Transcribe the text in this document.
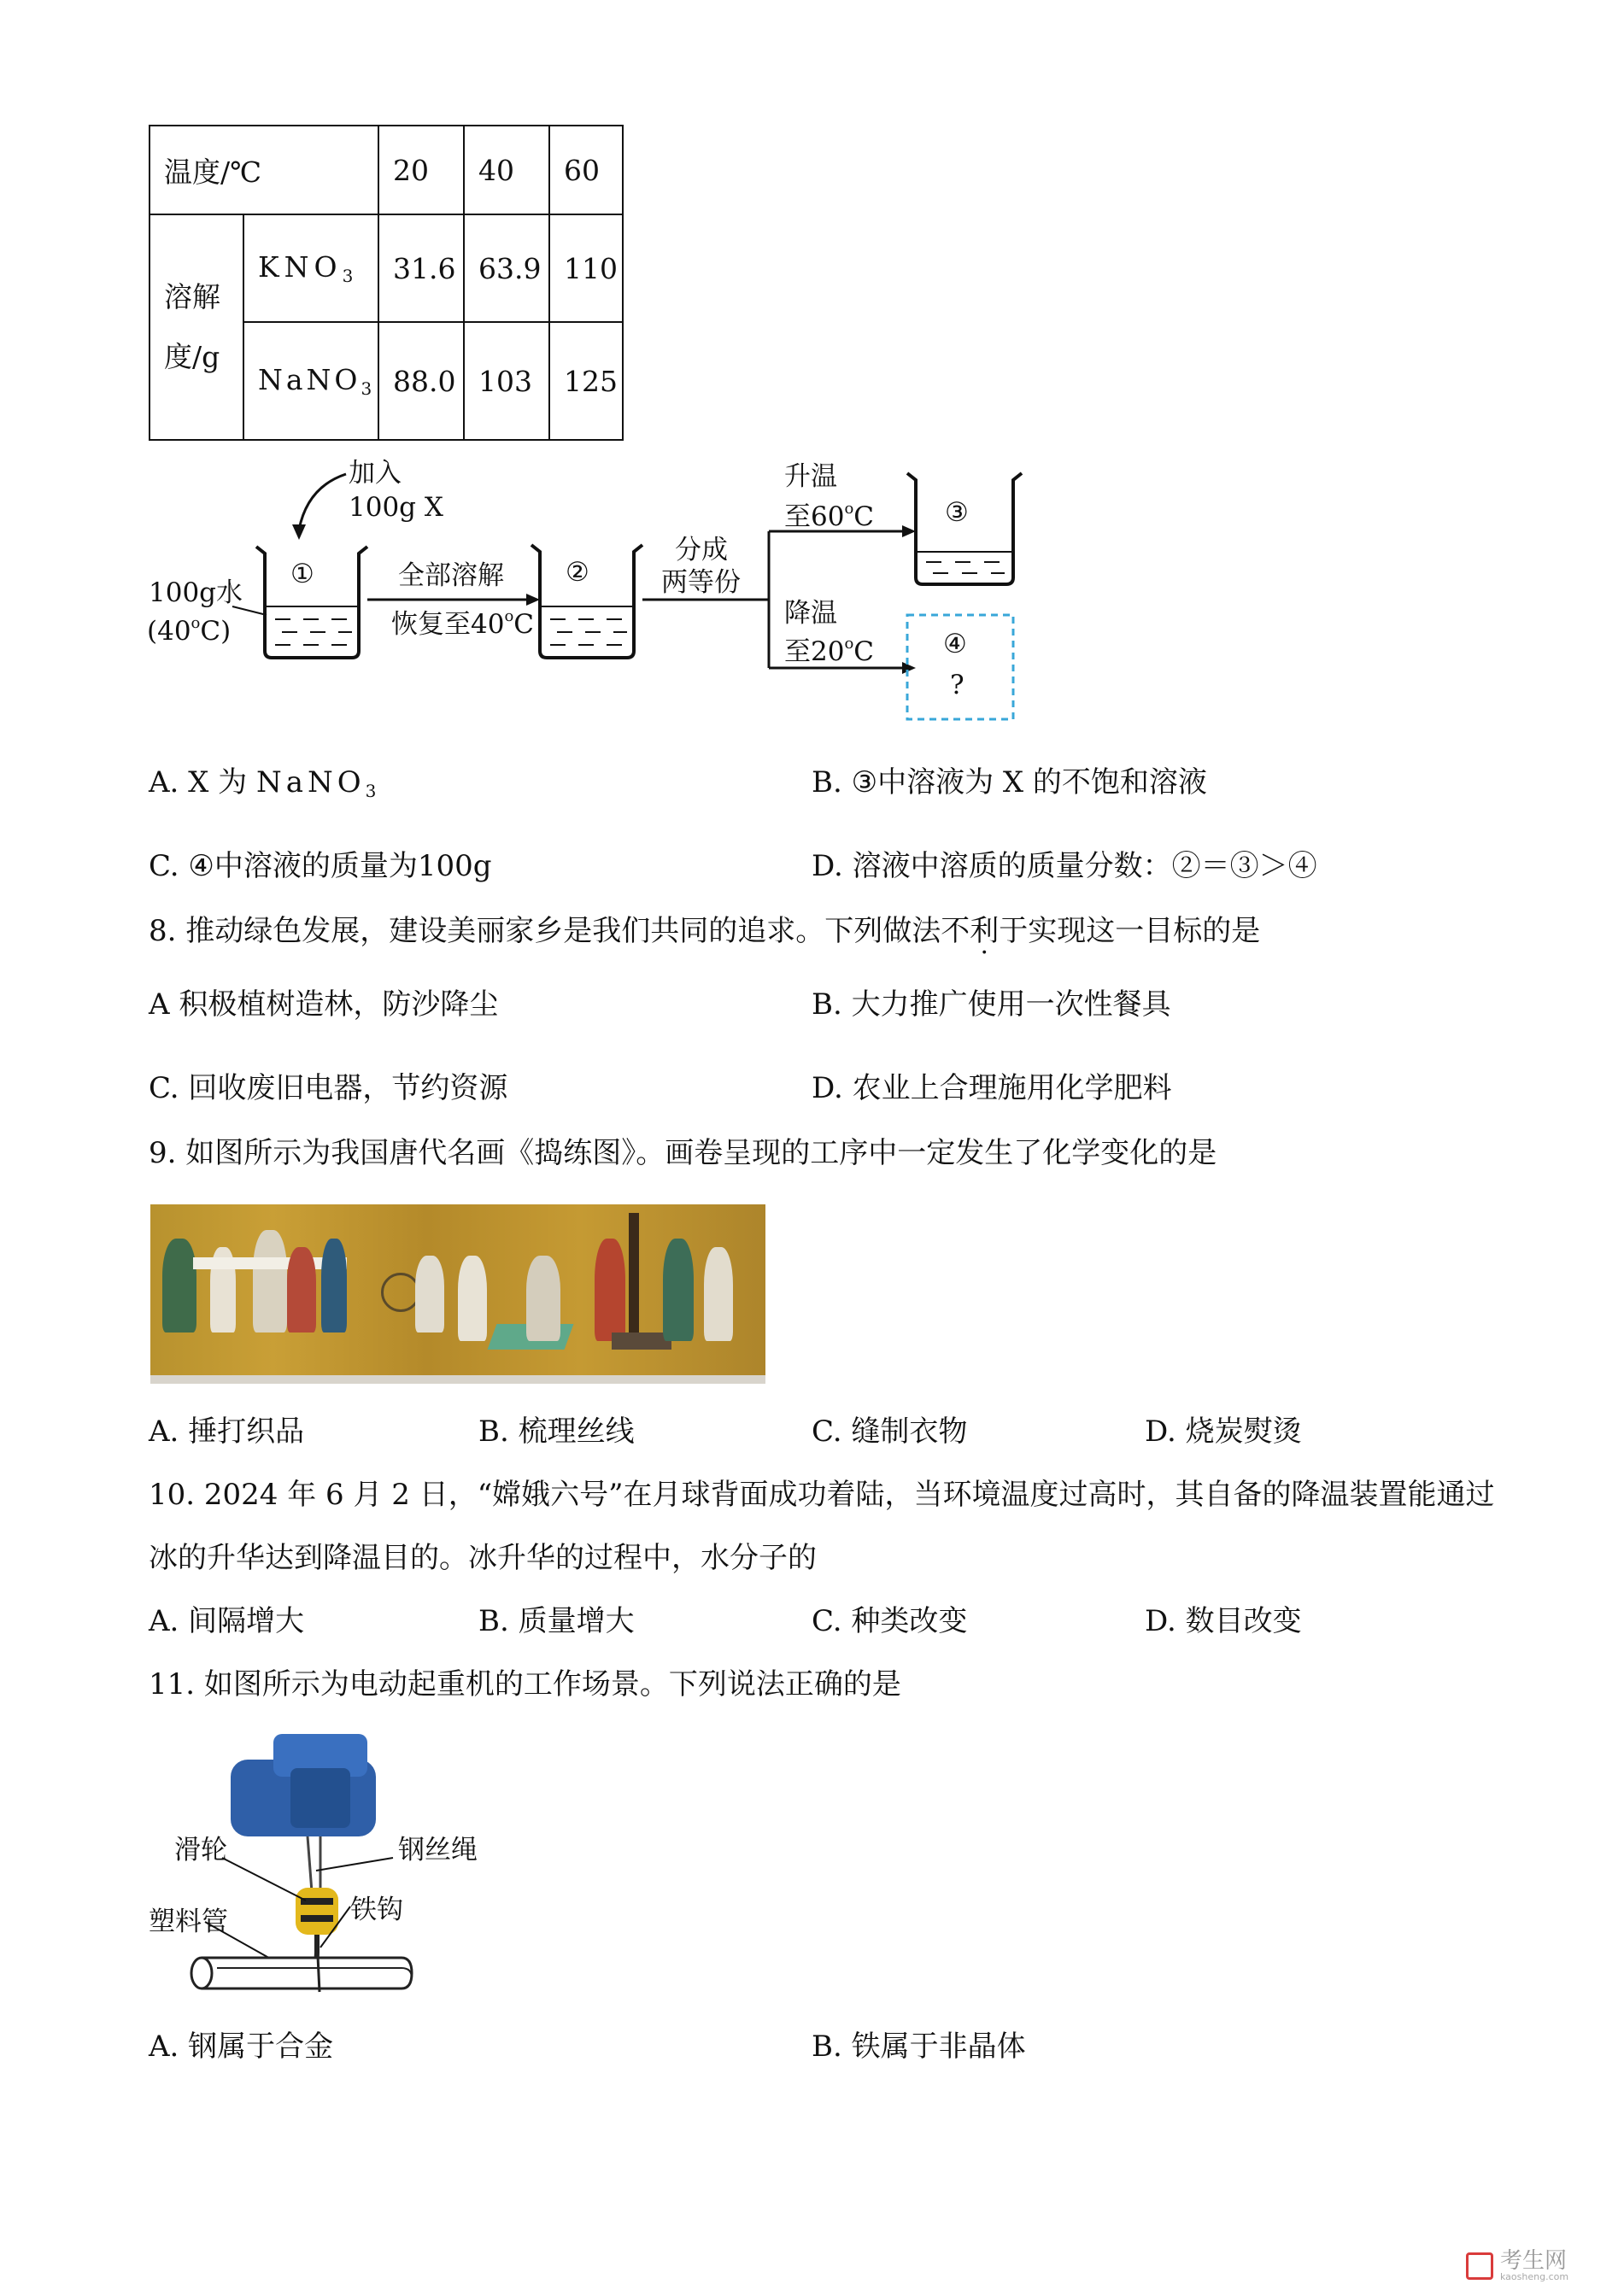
温度/℃		20	40	60

溶解
度/g	$KNO_3$	31.6	63.9	110
	NaNO$_3$	88.0	103	125
加入
100g X
100g水
(40$^o$C)
①	全部溶解
恢复至40$^o$C
②
分成
两等份
升温
至60$^o$C	③
降温
至20$^o$C	④
?
A. X 为 NaNO$_3$	B. ③中溶液为 X 的不饱和溶液
C. ④中溶液的质量为100g	D. 溶液中溶质的质量分数：②＝③＞④
8. 推动绿色发展，建设美丽家乡是我们共同的追求。下列做法不利于实现这一目标的是
A 积极植树造林，防沙降尘	B. 大力推广使用一次性餐具
C. 回收废旧电器，节约资源	D. 农业上合理施用化学肥料
9. 如图所示为我国唐代名画《捣练图》。画卷呈现的工序中一定发生了化学变化的是
A. 捶打织品	B. 梳理丝线	C. 缝制衣物	D. 烧炭熨烫
10. 2024 年 6 月 2 日，“嫦娥六号”在月球背面成功着陆，当环境温度过高时，其自备的降温装置能通过
冰的升华达到降温目的。冰升华的过程中，水分子的
A. 间隔增大	B. 质量增大	C. 种类改变	D. 数目改变
11. 如图所示为电动起重机的工作场景。下列说法正确的是
滑轮	钢丝绳
铁钩
塑料管
A. 钢属于合金	B. 铁属于非晶体
考生网
kaosheng.com
